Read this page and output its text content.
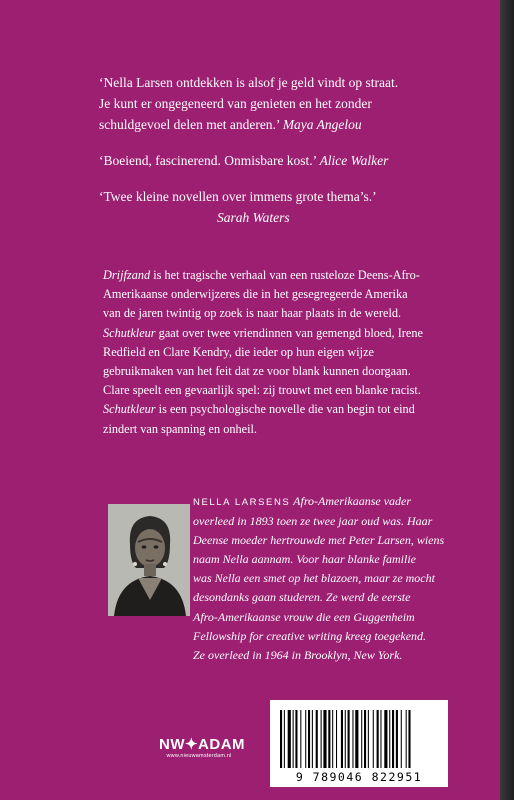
‘Nella Larsen ontdekken is alsof je geld vindt op straat.
Je kunt er ongegeneerd van genieten en het zonder
schuldgevoel delen met anderen.’ Maya Angelou

‘Boeiend, fascinerend. Onmisbare kost.’ Alice Walker

‘Twee kleine novellen over immens grote thema’s.’
Sarah Waters

Drijfzand is het tragische verhaal van een rusteloze Deens-Afro-Amerikaanse onderwijzeres die in het gesegregeerde Amerika van de jaren twintig op zoek is naar haar plaats in de wereld. Schutkleur gaat over twee vriendinnen van gemengd bloed, Irene Redfield en Clare Kendry, die ieder op hun eigen wijze gebruikmaken van het feit dat ze voor blank kunnen doorgaan. Clare speelt een gevaarlijk spel: zij trouwt met een blanke racist. Schutkleur is een psychologische novelle die van begin tot eind zindert van spanning en onheil.
NELLA LARSENS Afro-Amerikaanse vader
overleed in 1893 toen ze twee jaar oud was. Haar
Deense moeder hertrouwde met Peter Larsen, wiens
naam Nella aannam. Voor haar blanke familie
was Nella een smet op het blazoen, maar ze mocht
desondanks gaan studeren. Ze werd de eerste
Afro-Amerikaanse vrouw die een Guggenheim
Fellowship for creative writing kreeg toegekend.
Ze overleed in 1964 in Brooklyn, New York.
NW✦ADAM
www.nieuwamsterdam.nl
9 789046 822951
